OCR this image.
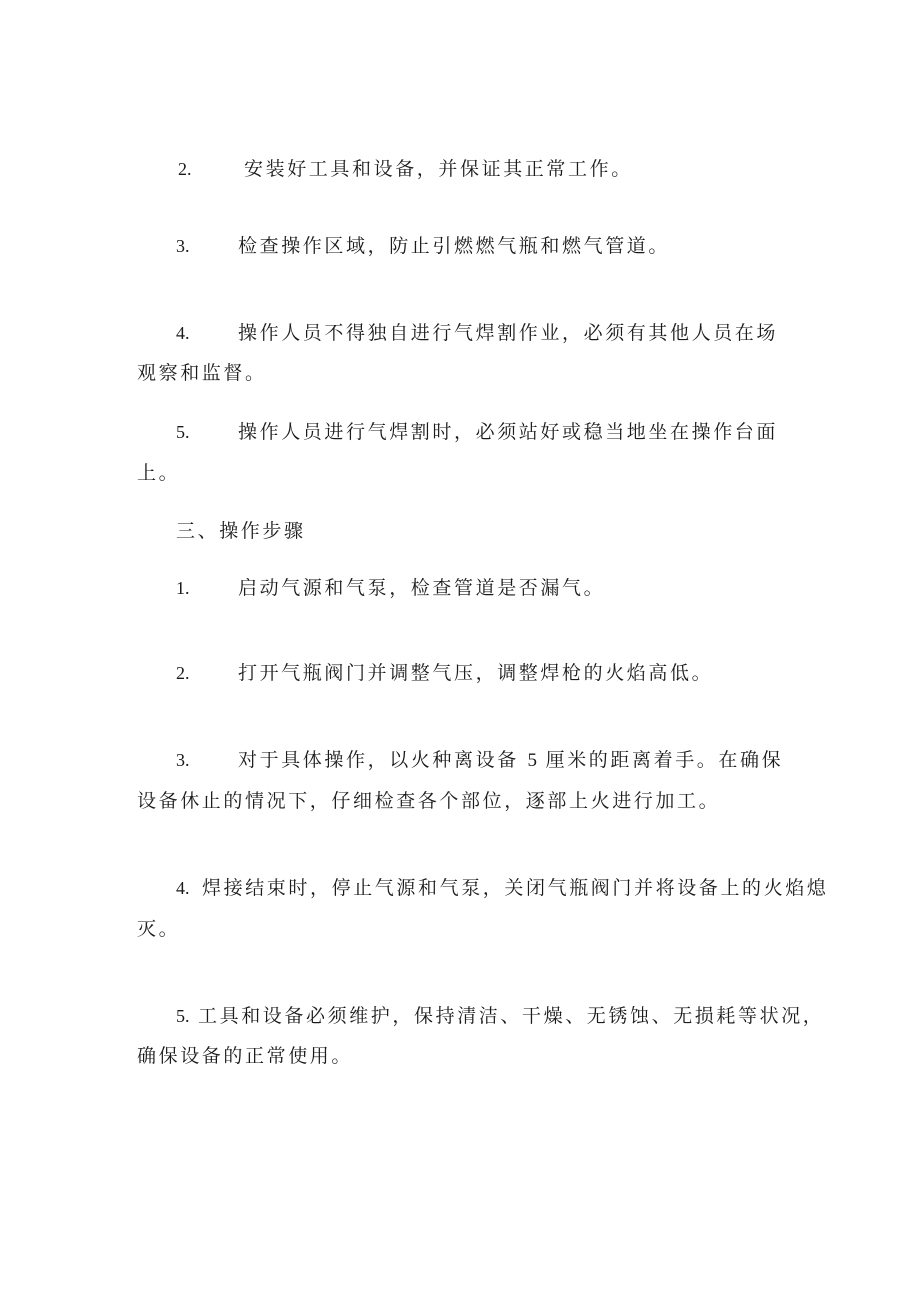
2.	安装好工具和设备，并保证其正常工作。
3.	检查操作区域，防止引燃燃气瓶和燃气管道。
4.	操作人员不得独自进行气焊割作业，必须有其他人员在场
观察和监督。
5.	操作人员进行气焊割时，必须站好或稳当地坐在操作台面
上。
三、操作步骤
1.	启动气源和气泵，检查管道是否漏气。
2.	打开气瓶阀门并调整气压，调整焊枪的火焰高低。
3.	对于具体操作，以火种离设备 5 厘米的距离着手。在确保
设备休止的情况下，仔细检查各个部位，逐部上火进行加工。
4. 焊接结束时，停止气源和气泵，关闭气瓶阀门并将设备上的火焰熄
灭。
5. 工具和设备必须维护，保持清洁、干燥、无锈蚀、无损耗等状况，
确保设备的正常使用。
